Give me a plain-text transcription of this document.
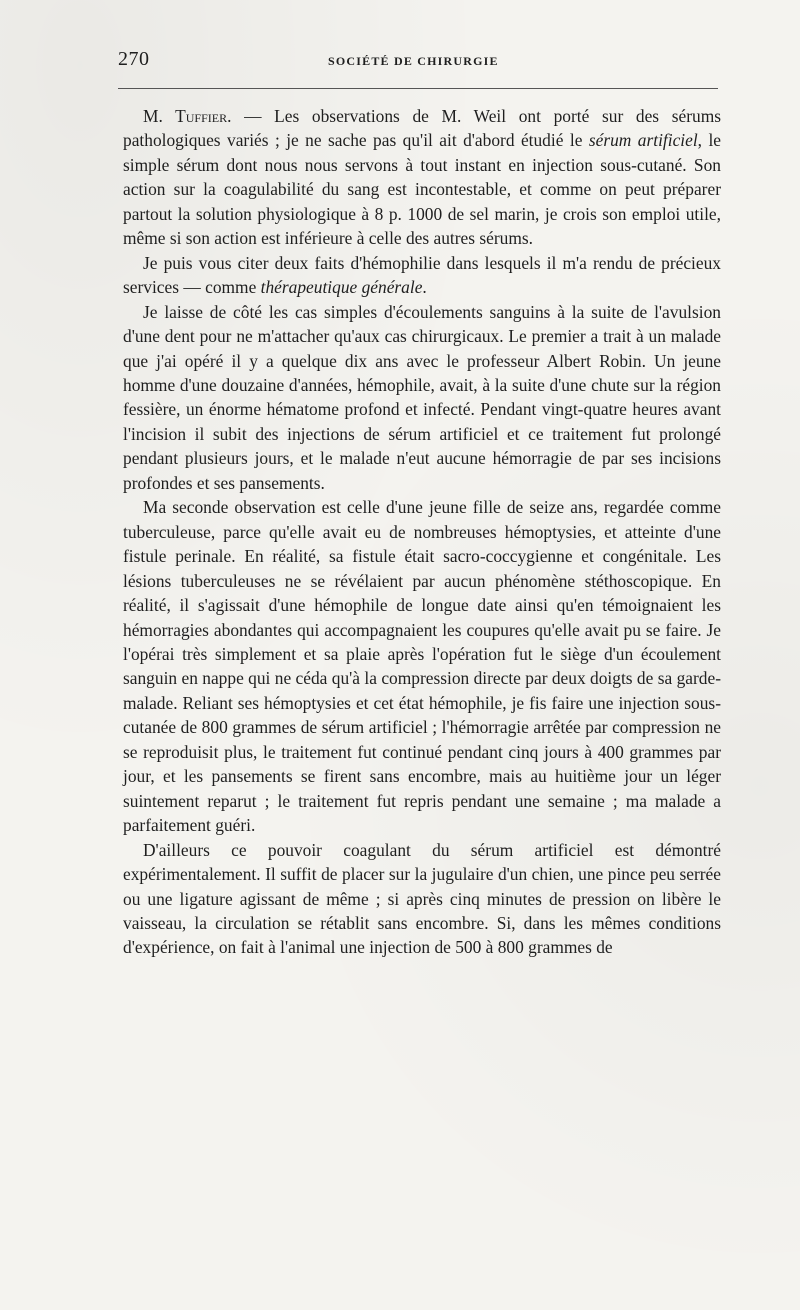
270	SOCIÉTÉ DE CHIRURGIE

M. Tuffier. — Les observations de M. Weil ont porté sur des sérums pathologiques variés ; je ne sache pas qu'il ait d'abord étudié le sérum artificiel, le simple sérum dont nous nous servons à tout instant en injection sous-cutané. Son action sur la coagulabilité du sang est incontestable, et comme on peut préparer partout la solution physiologique à 8 p. 1000 de sel marin, je crois son emploi utile, même si son action est inférieure à celle des autres sérums.

Je puis vous citer deux faits d'hémophilie dans lesquels il m'a rendu de précieux services — comme thérapeutique générale.

Je laisse de côté les cas simples d'écoulements sanguins à la suite de l'avulsion d'une dent pour ne m'attacher qu'aux cas chirurgicaux. Le premier a trait à un malade que j'ai opéré il y a quelque dix ans avec le professeur Albert Robin. Un jeune homme d'une douzaine d'années, hémophile, avait, à la suite d'une chute sur la région fessière, un énorme hématome profond et infecté. Pendant vingt-quatre heures avant l'incision il subit des injections de sérum artificiel et ce traitement fut prolongé pendant plusieurs jours, et le malade n'eut aucune hémorragie de par ses incisions profondes et ses pansements.

Ma seconde observation est celle d'une jeune fille de seize ans, regardée comme tuberculeuse, parce qu'elle avait eu de nombreuses hémoptysies, et atteinte d'une fistule perinale. En réalité, sa fistule était sacro-coccygienne et congénitale. Les lésions tuberculeuses ne se révélaient par aucun phénomène stéthoscopique. En réalité, il s'agissait d'une hémophile de longue date ainsi qu'en témoignaient les hémorragies abondantes qui accompagnaient les coupures qu'elle avait pu se faire. Je l'opérai très simplement et sa plaie après l'opération fut le siège d'un écoulement sanguin en nappe qui ne céda qu'à la compression directe par deux doigts de sa garde-malade. Reliant ses hémoptysies et cet état hémophile, je fis faire une injection sous-cutanée de 800 grammes de sérum artificiel ; l'hémorragie arrêtée par compression ne se reproduisit plus, le traitement fut continué pendant cinq jours à 400 grammes par jour, et les pansements se firent sans encombre, mais au huitième jour un léger suintement reparut ; le traitement fut repris pendant une semaine ; ma malade a parfaitement guéri.

D'ailleurs ce pouvoir coagulant du sérum artificiel est démontré expérimentalement. Il suffit de placer sur la jugulaire d'un chien, une pince peu serrée ou une ligature agissant de même ; si après cinq minutes de pression on libère le vaisseau, la circulation se rétablit sans encombre. Si, dans les mêmes conditions d'expérience, on fait à l'animal une injection de 500 à 800 grammes de
